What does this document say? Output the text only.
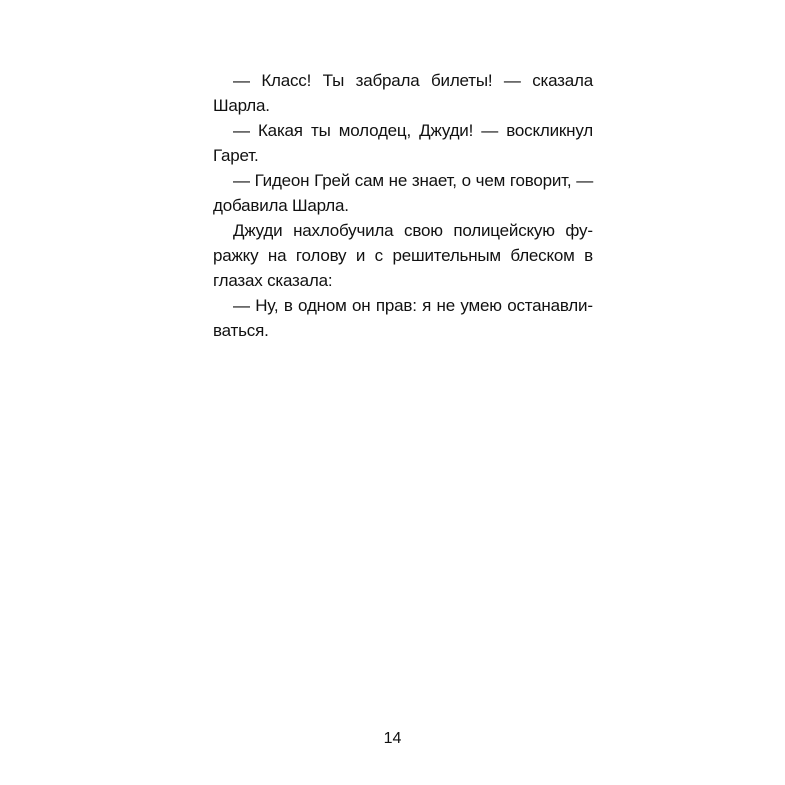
— Класс! Ты забрала билеты! — сказала Шарла.

— Какая ты молодец, Джуди! — воскликнул Гарет.

— Гидеон Грей сам не знает, о чем говорит, — добавила Шарла.

Джуди нахлобучила свою полицейскую фуражку на голову и с решительным блеском в глазах сказала:

— Ну, в одном он прав: я не умею останавливаться.

14
